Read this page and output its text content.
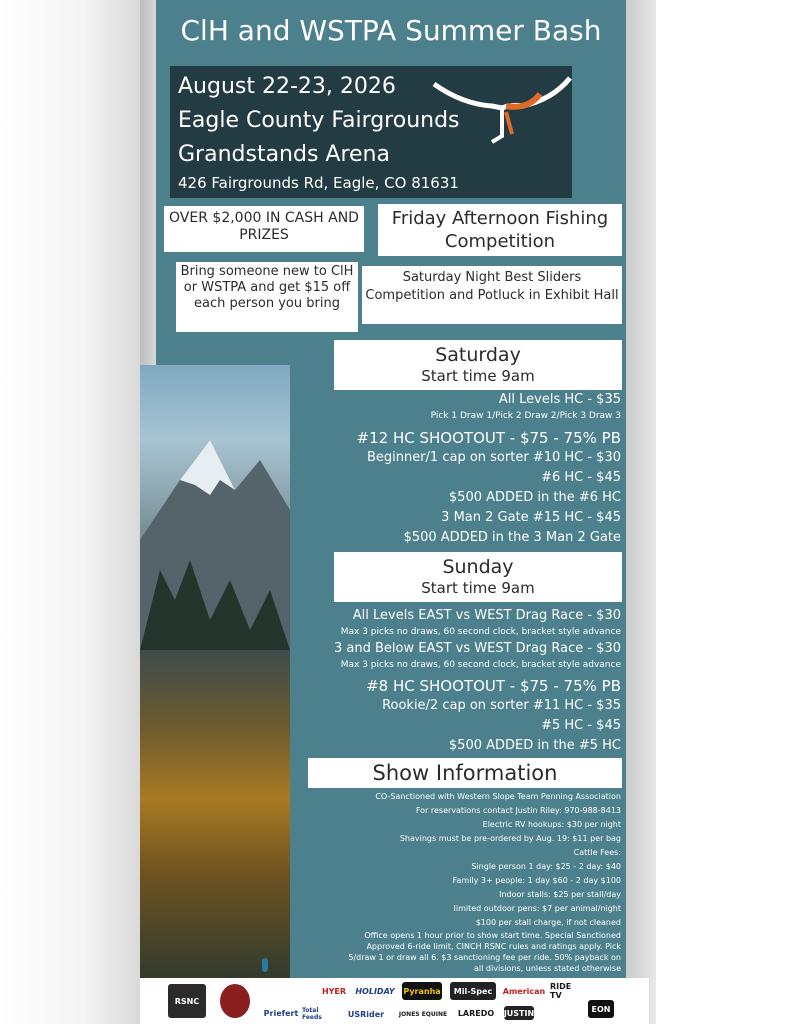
ClH and WSTPA Summer Bash
August 22-23, 2026
Eagle County Fairgrounds
Grandstands Arena
426 Fairgrounds Rd, Eagle, CO 81631
OVER $2,000 IN CASH AND PRIZES
Friday Afternoon Fishing Competition
Bring someone new to ClH or WSTPA and get $15 off each person you bring
Saturday Night Best Sliders Competition and Potluck in Exhibit Hall
Saturday
Start time 9am
All Levels HC - $35
Pick 1 Draw 1/Pick 2 Draw 2/Pick 3 Draw 3
#12 HC SHOOTOUT - $75 - 75% PB
Beginner/1 cap on sorter #10 HC - $30
#6 HC - $45
$500 ADDED in the #6 HC
3 Man 2 Gate #15 HC - $45
$500 ADDED in the 3 Man 2 Gate
Sunday
Start time 9am
All Levels EAST vs WEST Drag Race - $30
Max 3 picks no draws, 60 second clock, bracket style advance
3 and Below EAST vs WEST Drag Race - $30
Max 3 picks no draws, 60 second clock, bracket style advance
#8 HC SHOOTOUT - $75 - 75% PB
Rookie/2 cap on sorter #11 HC - $35
#5 HC - $45
$500 ADDED in the #5 HC
Show Information
CO-Sanctioned with Western Slope Team Penning Association
For reservations contact Justin Riley: 970-988-8413
Electric RV hookups: $30 per night
Shavings must be pre-ordered by Aug. 19: $11 per bag
Cattle Fees:
Single person 1 day: $25 - 2 day: $40
Family 3+ people: 1 day $60 - 2 day $100
Indoor stalls: $25 per stall/day
limited outdoor pens: $7 per animal/night
$100 per stall charge, if not cleaned
Office opens 1 hour prior to show start time. Special Sanctioned
Approved 6-ride limit, CINCH RSNC rules and ratings apply. Pick
5/draw 1 or draw all 6. $3 sanctioning fee per ride. 50% payback on
all divisions, unless stated otherwise
RSNC
HYER	HOLIDAY Pyranha	Mil-Spec	American RIDE TV
EON
Priefert Total Feeds	USRider	JONES EQUINE	LAREDO	JUSTIN
